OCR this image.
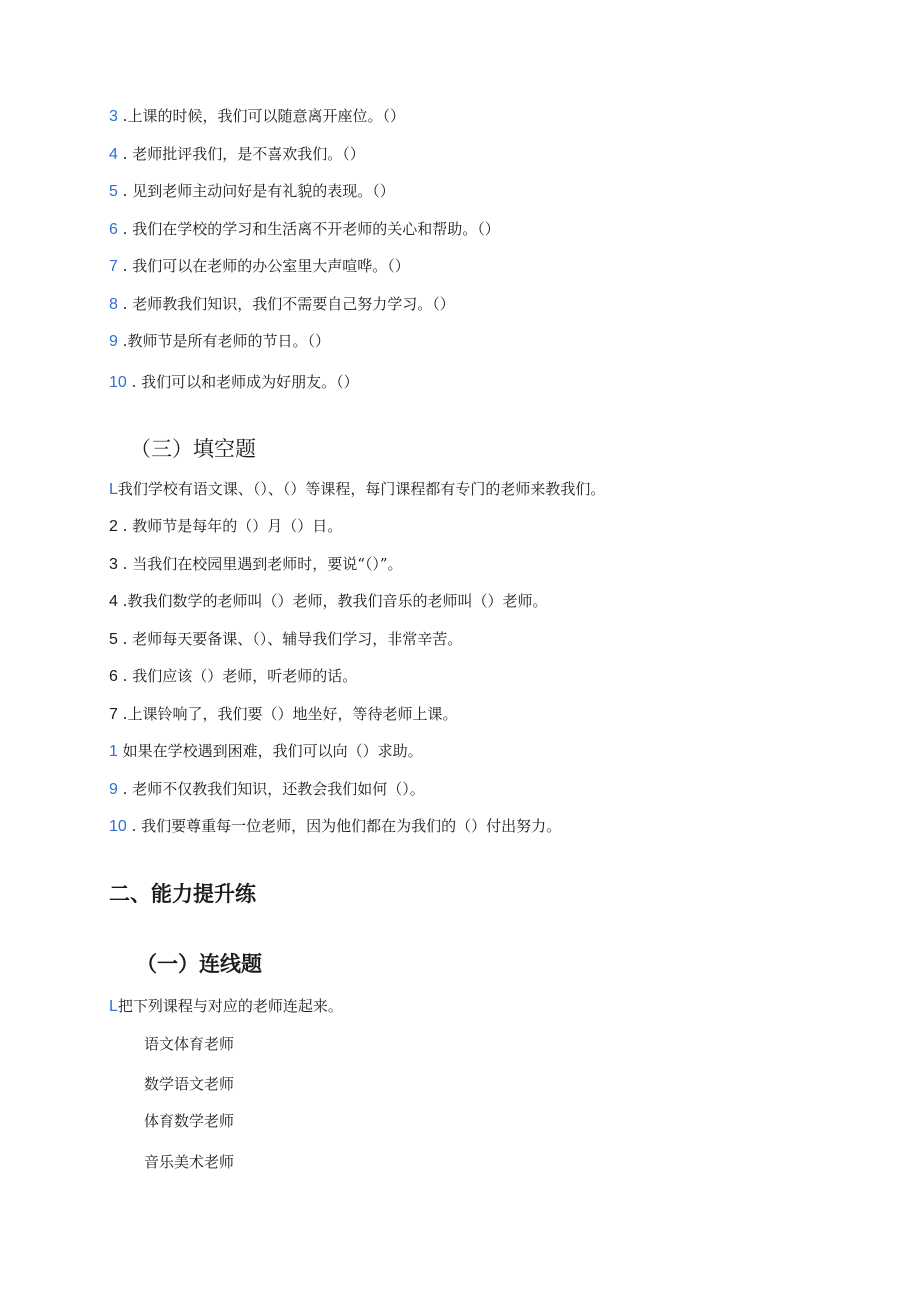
3 .上课的时候，我们可以随意离开座位。（）
4 . 老师批评我们，是不喜欢我们。（）
5 . 见到老师主动问好是有礼貌的表现。（）
6 . 我们在学校的学习和生活离不开老师的关心和帮助。（）
7 . 我们可以在老师的办公室里大声喧哗。（）
8 . 老师教我们知识，我们不需要自己努力学习。（）
9 .教师节是所有老师的节日。（）
10 . 我们可以和老师成为好朋友。（）
（三）填空题
L我们学校有语文课、（）、（）等课程，每门课程都有专门的老师来教我们。
2 . 教师节是每年的（）月（）日。
3 . 当我们在校园里遇到老师时，要说“（）”。
4 .教我们数学的老师叫（）老师，教我们音乐的老师叫（）老师。
5 . 老师每天要备课、（）、辅导我们学习，非常辛苦。
6 . 我们应该（）老师，听老师的话。
7 .上课铃响了，我们要（）地坐好，等待老师上课。
1 如果在学校遇到困难，我们可以向（）求助。
9 . 老师不仅教我们知识，还教会我们如何（）。
10 . 我们要尊重每一位老师，因为他们都在为我们的（）付出努力。
二、能力提升练
（一）连线题
L把下列课程与对应的老师连起来。
语文体育老师
数学语文老师
体育数学老师
音乐美术老师
